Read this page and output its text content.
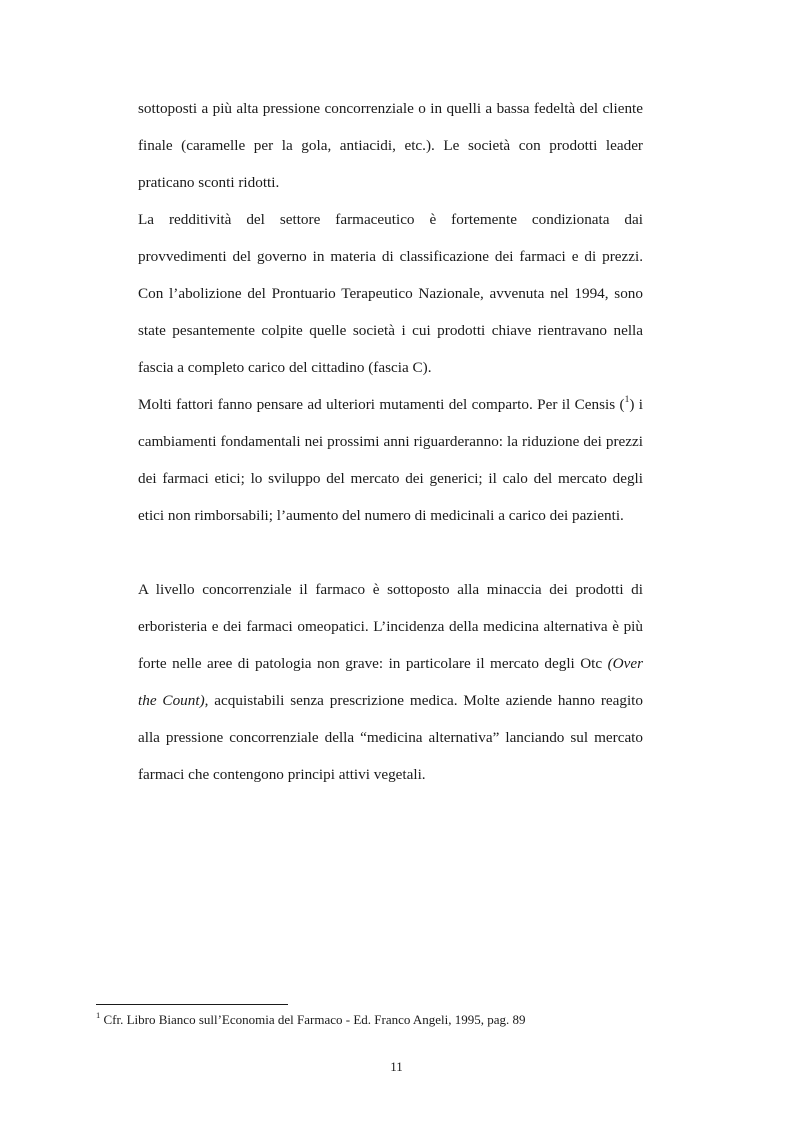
sottoposti a più alta pressione concorrenziale o in quelli a bassa fedeltà del cliente finale (caramelle per la gola, antiacidi, etc.). Le società con prodotti leader praticano sconti ridotti.

La redditività del settore farmaceutico è fortemente condizionata dai provvedimenti del governo in materia di classificazione dei farmaci e di prezzi. Con l’abolizione del Prontuario Terapeutico Nazionale, avvenuta nel 1994, sono state pesantemente colpite quelle società i cui prodotti chiave rientravano nella fascia a completo carico del cittadino (fascia C).

Molti fattori fanno pensare ad ulteriori mutamenti del comparto. Per il Censis ($^1$) i cambiamenti fondamentali nei prossimi anni riguarderanno: la riduzione dei prezzi dei farmaci etici; lo sviluppo del mercato dei generici; il calo del mercato degli etici non rimborsabili; l’aumento del numero di medicinali a carico dei pazienti.

A livello concorrenziale il farmaco è sottoposto alla minaccia dei prodotti di erboristeria e dei farmaci omeopatici. L’incidenza della medicina alternativa è più forte nelle aree di patologia non grave: in particolare il mercato degli Otc (Over the Count), acquistabili senza prescrizione medica. Molte aziende hanno reagito alla pressione concorrenziale della “medicina alternativa” lanciando sul mercato farmaci che contengono principi attivi vegetali.

$^1$ Cfr. Libro Bianco sull’Economia del Farmaco - Ed. Franco Angeli, 1995, pag. 89
11
